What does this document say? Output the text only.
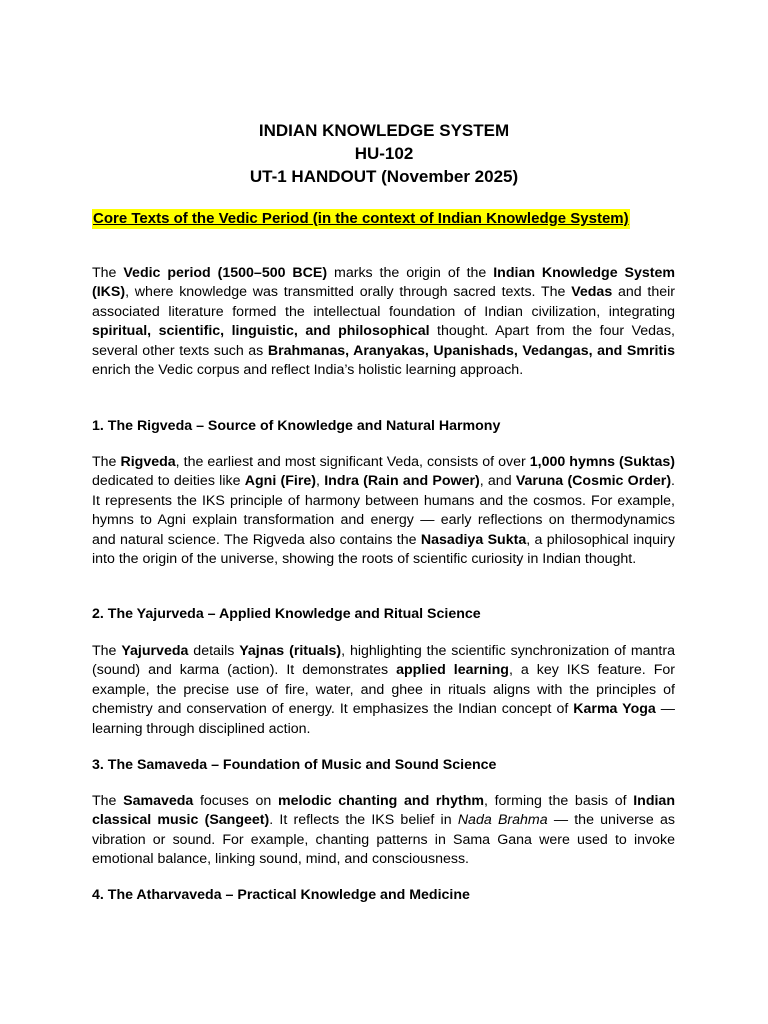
INDIAN KNOWLEDGE SYSTEM
HU-102
UT-1 HANDOUT (November 2025)
Core Texts of the Vedic Period (in the context of Indian Knowledge System)

The Vedic period (1500–500 BCE) marks the origin of the Indian Knowledge System (IKS), where knowledge was transmitted orally through sacred texts. The Vedas and their associated literature formed the intellectual foundation of Indian civilization, integrating spiritual, scientific, linguistic, and philosophical thought. Apart from the four Vedas, several other texts such as Brahmanas, Aranyakas, Upanishads, Vedangas, and Smritis enrich the Vedic corpus and reflect India’s holistic learning approach.

1. The Rigveda – Source of Knowledge and Natural Harmony

The Rigveda, the earliest and most significant Veda, consists of over 1,000 hymns (Suktas) dedicated to deities like Agni (Fire), Indra (Rain and Power), and Varuna (Cosmic Order). It represents the IKS principle of harmony between humans and the cosmos. For example, hymns to Agni explain transformation and energy — early reflections on thermodynamics and natural science. The Rigveda also contains the Nasadiya Sukta, a philosophical inquiry into the origin of the universe, showing the roots of scientific curiosity in Indian thought.

2. The Yajurveda – Applied Knowledge and Ritual Science

The Yajurveda details Yajnas (rituals), highlighting the scientific synchronization of mantra (sound) and karma (action). It demonstrates applied learning, a key IKS feature. For example, the precise use of fire, water, and ghee in rituals aligns with the principles of chemistry and conservation of energy. It emphasizes the Indian concept of Karma Yoga — learning through disciplined action.

3. The Samaveda – Foundation of Music and Sound Science

The Samaveda focuses on melodic chanting and rhythm, forming the basis of Indian classical music (Sangeet). It reflects the IKS belief in Nada Brahma — the universe as vibration or sound. For example, chanting patterns in Sama Gana were used to invoke emotional balance, linking sound, mind, and consciousness.

4. The Atharvaveda – Practical Knowledge and Medicine
